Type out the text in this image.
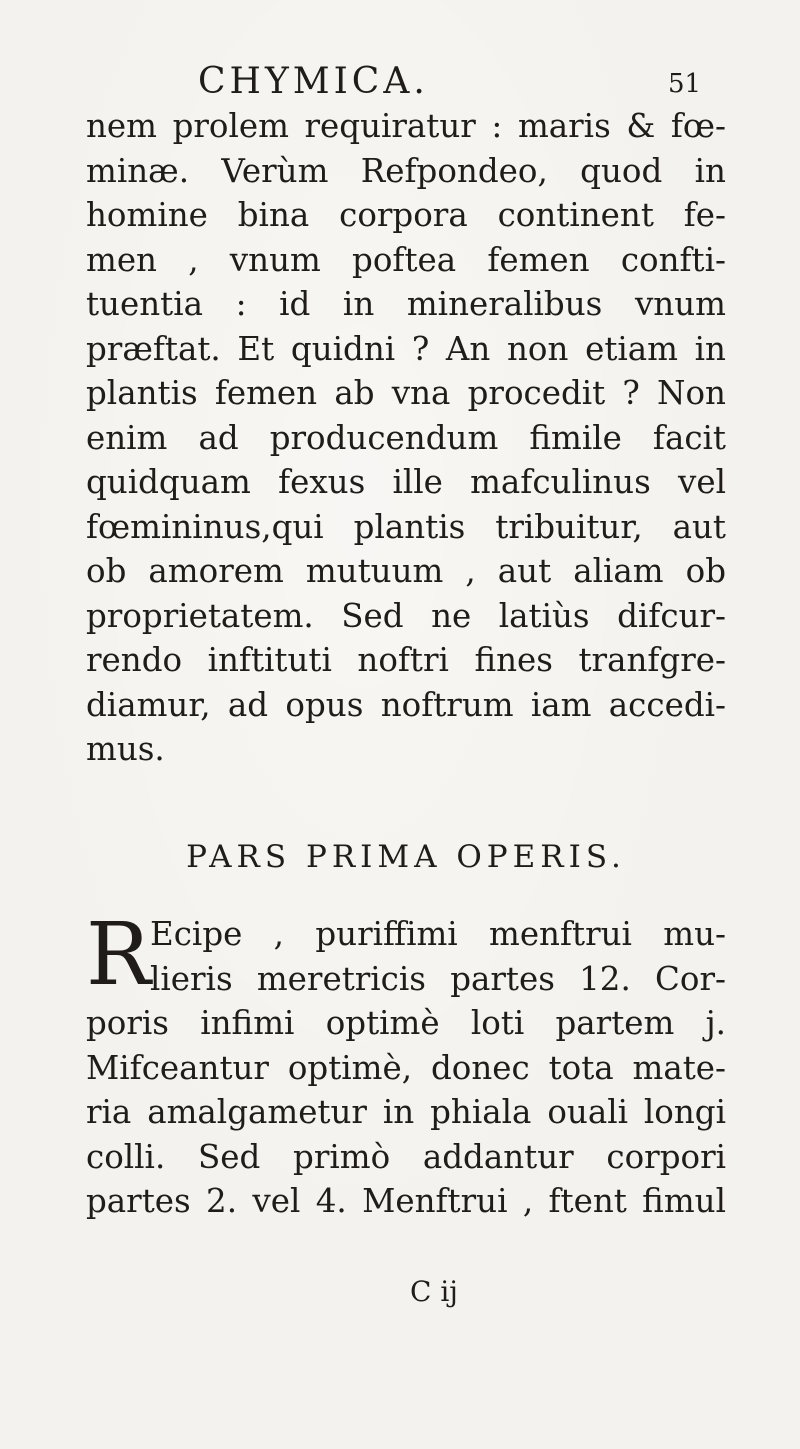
CHYMICA.	51
nem prolem requiratur : maris & fœ-
minæ. Verùm Refpondeo, quod in
homine bina corpora continent fe-
men , vnum poftea femen confti-
tuentia : id in mineralibus vnum
præftat. Et quidni ? An non etiam in
plantis femen ab vna procedit ? Non
enim ad producendum fimile facit
quidquam fexus ille mafculinus vel
fœmininus,qui plantis tribuitur, aut
ob amorem mutuum , aut aliam ob
proprietatem. Sed ne latiùs difcur-
rendo inftituti noftri fines tranfgre-
diamur, ad opus noftrum iam accedi-
mus.
PARS PRIMA OPERIS.
R Ecipe , puriffimi menftrui mu-
lieris meretricis partes 12. Cor-
poris infimi optimè loti partem j.
Mifceantur optimè, donec tota mate-
ria amalgametur in phiala ouali longi
colli. Sed primò addantur corpori
partes 2. vel 4. Menftrui , ftent fimul
C ij
